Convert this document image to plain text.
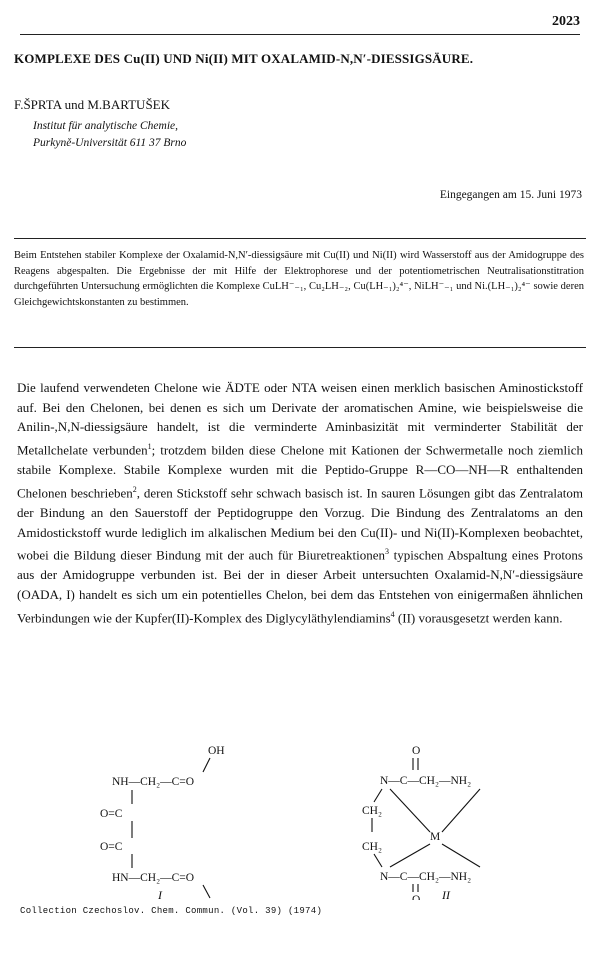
2023
KOMPLEXE DES Cu(II) UND Ni(II) MIT OXALAMID-N,N′-DIESSIGSÄURE.
F.ŠPRTA und M.BARTUŠEK
Institut für analytische Chemie,
Purkyně-Universität 611 37 Brno
Eingegangen am 15. Juni 1973
Beim Entstehen stabiler Komplexe der Oxalamid-N,N′-diessigsäure mit Cu(II) und Ni(II) wird Wasserstoff aus der Amidogruppe des Reagens abgespalten. Die Ergebnisse der mit Hilfe der Elektrophorese und der potentiometrischen Neutralisationstitration durchgeführten Untersuchung ermöglichten die Komplexe CuLH⁻₋₁, Cu₂LH₋₂, Cu(LH₋₁)₂⁴⁻, NiLH⁻₋₁ und Ni.(LH₋₁)₂⁴⁻ sowie deren Gleichgewichtskonstanten zu bestimmen.

Die laufend verwendeten Chelone wie ÄDTE oder NTA weisen einen merklich basischen Aminostickstoff auf. Bei den Chelonen, bei denen es sich um Derivate der aromatischen Amine, wie beispielsweise die Anilin-,N,N-diessigsäure handelt, ist die verminderte Aminbasizität mit verminderter Stabilität der Metallchelate verbunden$^1$; trotzdem bilden diese Chelone mit Kationen der Schwermetalle noch ziemlich stabile Komplexe. Stabile Komplexe wurden mit die Peptido-Gruppe R—CO—NH—R enthaltenden Chelonen beschrieben$^2$, deren Stickstoff sehr schwach basisch ist. In sauren Lösungen gibt das Zentralatom der Bindung an den Sauerstoff der Peptidogruppe den Vorzug. Die Bindung des Zentralatoms an den Amidostickstoff wurde lediglich im alkalischen Medium bei den Cu(II)- und Ni(II)-Komplexen beobachtet, wobei die Bildung dieser Bindung mit der auch für Biuretreaktionen$^3$ typischen Abspaltung eines Protons aus der Amidogruppe verbunden ist. Bei der in dieser Arbeit untersuchten Oxalamid-N,N′-diessigsäure (OADA, I) handelt es sich um ein potentielles Chelon, bei dem das Entstehen von einigermaßen ähnlichen Verbindungen wie der Kupfer(II)-Komplex des Diglycyläthylendiamins$^4$ (II) vorausgesetzt werden kann.

OH
NH—CH₂—C=O
O=C
O=C
HN—CH₂—C=O
O
N—C—CH₂—NH₂
CH₂
M
CH₂
N—C—CH₂—NH₂
O
I	II
Collection Czechoslov. Chem. Commun. (Vol. 39) (1974)
